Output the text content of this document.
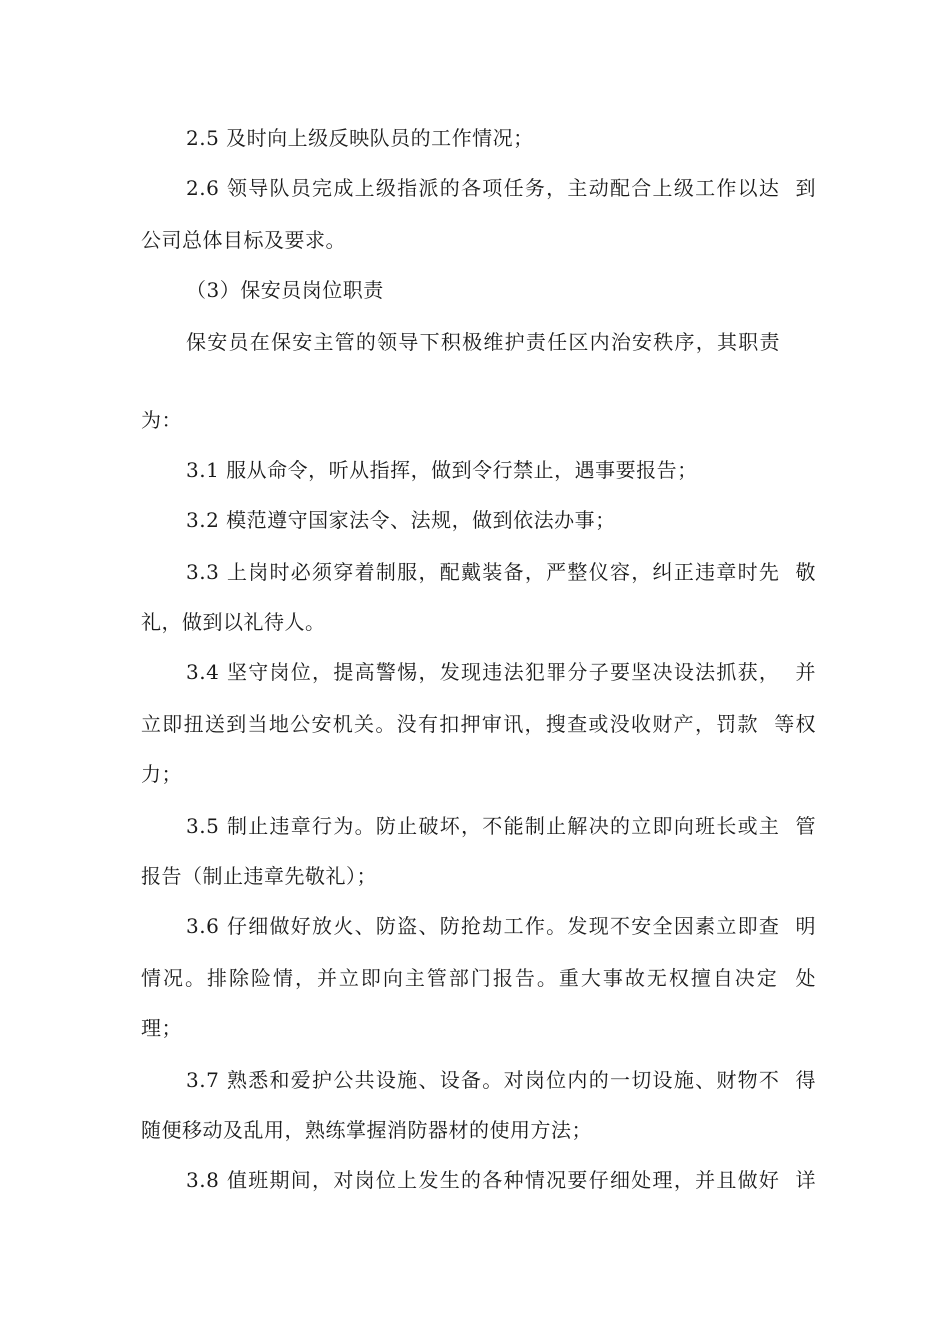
2.5 及时向上级反映队员的工作情况；
2.6 领导队员完成上级指派的各项任务，主动配合上级工作以达  到
公司总体目标及要求。
（3）保安员岗位职责
保安员在保安主管的领导下积极维护责任区内治安秩序，其职责
为：
3.1 服从命令，听从指挥，做到令行禁止，遇事要报告；
3.2 模范遵守国家法令、法规，做到依法办事；
3.3 上岗时必须穿着制服，配戴装备，严整仪容，纠正违章时先  敬
礼，做到以礼待人。
3.4 坚守岗位，提高警惕，发现违法犯罪分子要坚决设法抓获，  并
立即扭送到当地公安机关。没有扣押审讯，搜查或没收财产，罚款  等权
力；
3.5 制止违章行为。防止破坏，不能制止解决的立即向班长或主  管
报告（制止违章先敬礼）；
3.6 仔细做好放火、防盗、防抢劫工作。发现不安全因素立即查  明
情况。排除险情，并立即向主管部门报告。重大事故无权擅自决定  处
理；
3.7 熟悉和爱护公共设施、设备。对岗位内的一切设施、财物不  得
随便移动及乱用，熟练掌握消防器材的使用方法；
3.8 值班期间，对岗位上发生的各种情况要仔细处理，并且做好  详
